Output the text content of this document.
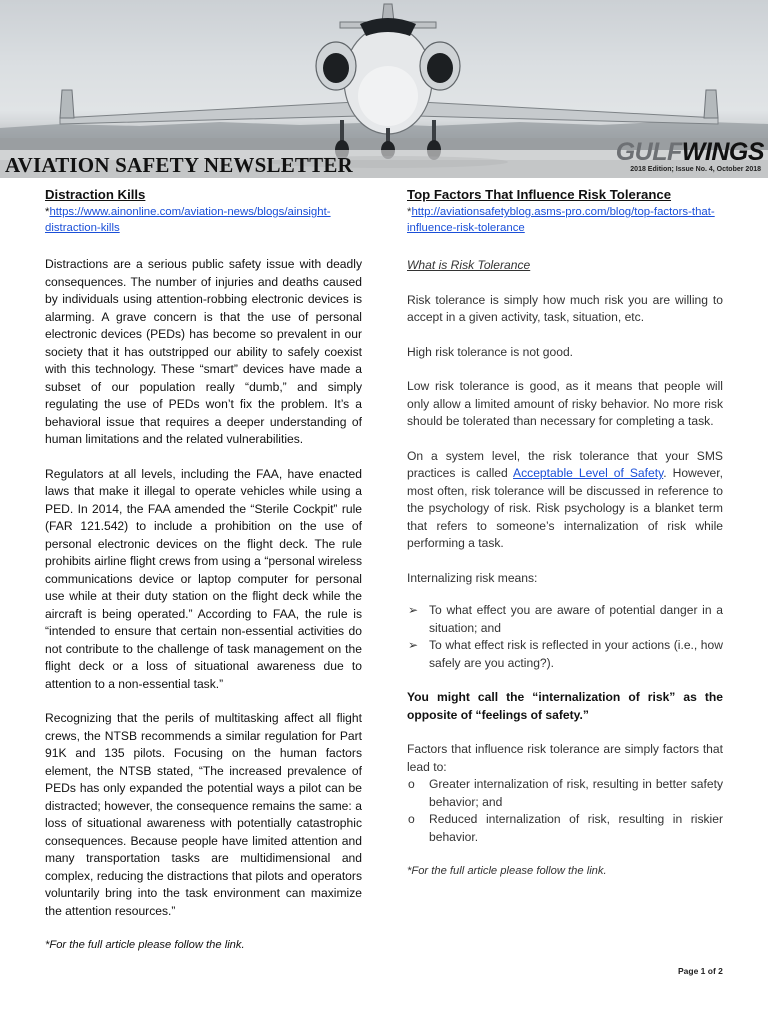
AVIATION SAFETY NEWSLETTER	GULFWINGS
2018 Edition; Issue No. 4, October 2018
Distraction Kills
*https://www.ainonline.com/aviation-news/blogs/ainsight-distraction-kills

Distractions are a serious public safety issue with deadly consequences. The number of injuries and deaths caused by individuals using attention-robbing electronic devices is alarming. A grave concern is that the use of personal electronic devices (PEDs) has become so prevalent in our society that it has outstripped our ability to safely coexist with this technology. These “smart” devices have made a subset of our population really “dumb,” and simply regulating the use of PEDs won’t fix the problem. It’s a behavioral issue that requires a deeper understanding of human limitations and the related vulnerabilities.

Regulators at all levels, including the FAA, have enacted laws that make it illegal to operate vehicles while using a PED. In 2014, the FAA amended the “Sterile Cockpit” rule (FAR 121.542) to include a prohibition on the use of personal electronic devices on the flight deck. The rule prohibits airline flight crews from using a “personal wireless communications device or laptop computer for personal use while at their duty station on the flight deck while the aircraft is being operated.” According to FAA, the rule is “intended to ensure that certain non-essential activities do not contribute to the challenge of task management on the flight deck or a loss of situational awareness due to attention to a non-essential task.”

Recognizing that the perils of multitasking affect all flight crews, the NTSB recommends a similar regulation for Part 91K and 135 pilots. Focusing on the human factors element, the NTSB stated, “The increased prevalence of PEDs has only expanded the potential ways a pilot can be distracted; however, the consequence remains the same: a loss of situational awareness with potentially catastrophic consequences. Because people have limited attention and many transportation tasks are multidimensional and complex, reducing the distractions that pilots and operators voluntarily bring into the task environment can maximize the attention resources.”

*For the full article please follow the link.

Top Factors That Influence Risk Tolerance
*http://aviationsafetyblog.asms-pro.com/blog/top-factors-that-influence-risk-tolerance
What is Risk Tolerance

Risk tolerance is simply how much risk you are willing to accept in a given activity, task, situation, etc.

High risk tolerance is not good.

Low risk tolerance is good, as it means that people will only allow a limited amount of risky behavior. No more risk should be tolerated than necessary for completing a task.

On a system level, the risk tolerance that your SMS practices is called Acceptable Level of Safety. However, most often, risk tolerance will be discussed in reference to the psychology of risk. Risk psychology is a blanket term that refers to someone’s internalization of risk while performing a task.

Internalizing risk means:

➢ To what effect you are aware of potential danger in a situation; and
➢ To what effect risk is reflected in your actions (i.e., how safely are you acting?).

You might call the “internalization of risk” as the opposite of “feelings of safety.”

Factors that influence risk tolerance are simply factors that lead to:

o Greater internalization of risk, resulting in better safety behavior; and
o Reduced internalization of risk, resulting in riskier behavior.

*For the full article please follow the link.

Page 1 of 2
